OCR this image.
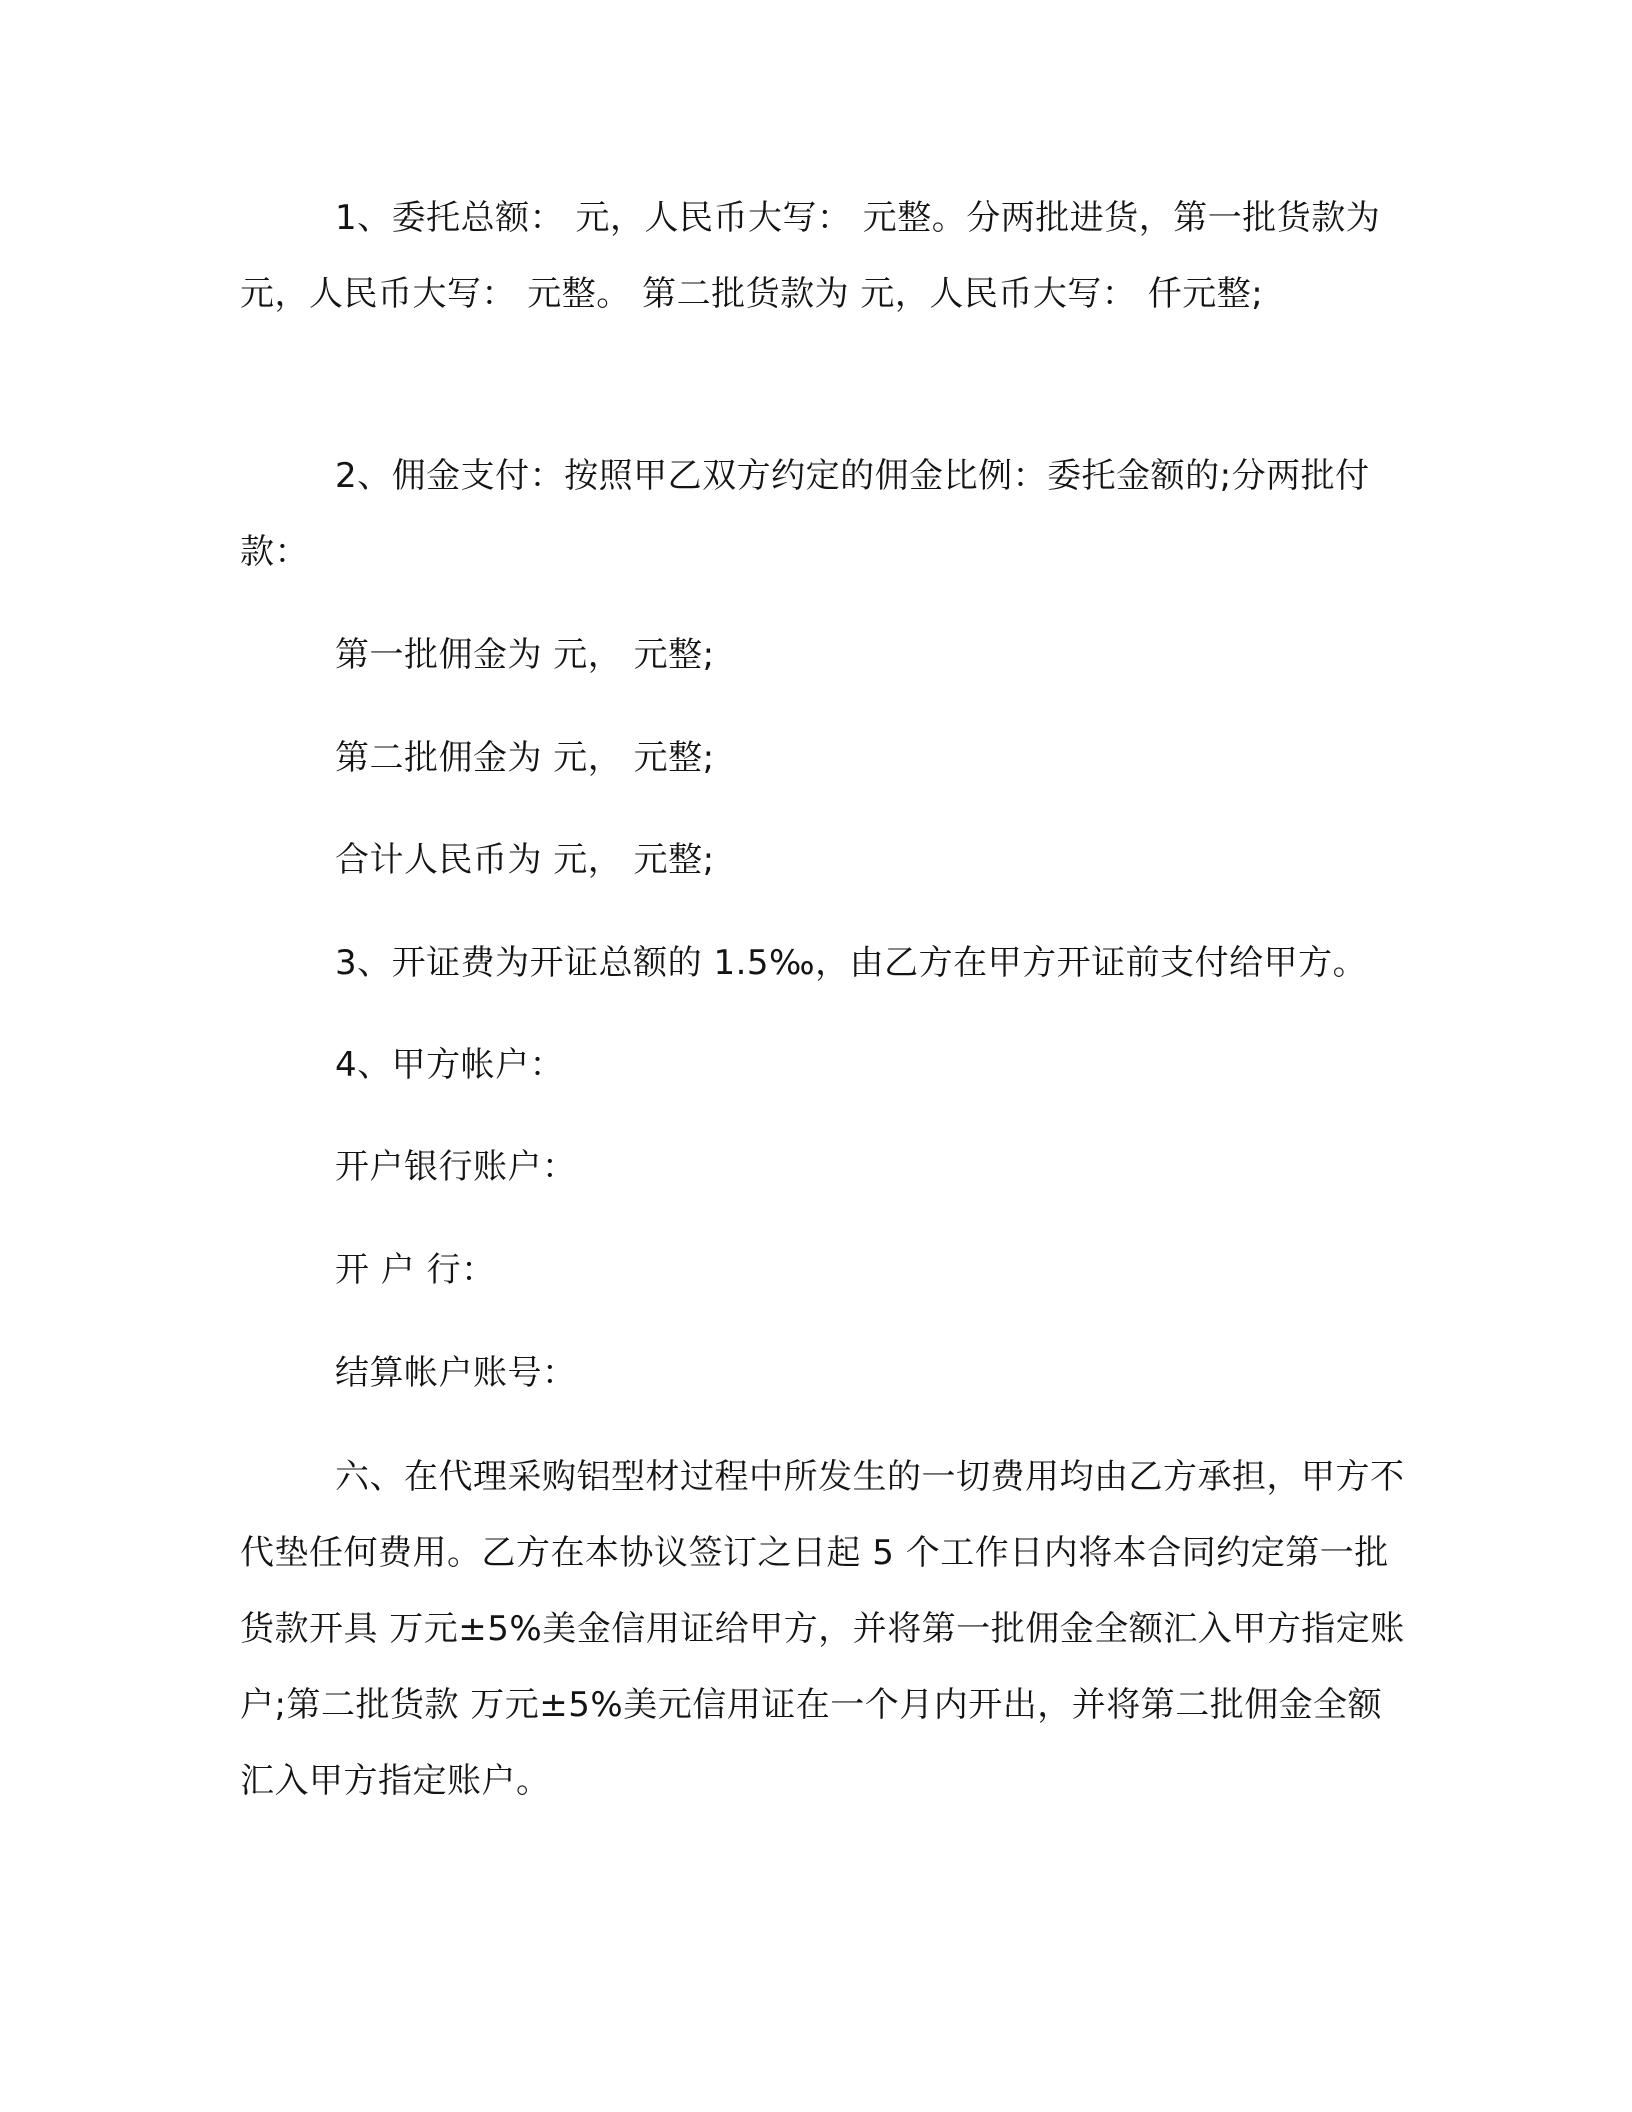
1、委托总额： 元，人民币大写： 元整。分两批进货，第一批货款为 元，人民币大写： 元整。 第二批货款为 元，人民币大写： 仟元整;

2、佣金支付：按照甲乙双方约定的佣金比例：委托金额的;分两批付款：

第一批佣金为 元， 元整;

第二批佣金为 元， 元整;

合计人民币为 元， 元整;

3、开证费为开证总额的 1.5‰，由乙方在甲方开证前支付给甲方。

4、甲方帐户：

开户银行账户：

开 户 行：

结算帐户账号：

六、在代理采购铝型材过程中所发生的一切费用均由乙方承担，甲方不代垫任何费用。乙方在本协议签订之日起 5 个工作日内将本合同约定第一批货款开具 万元±5%美金信用证给甲方，并将第一批佣金全额汇入甲方指定账户;第二批货款 万元±5%美元信用证在一个月内开出，并将第二批佣金全额汇入甲方指定账户。
